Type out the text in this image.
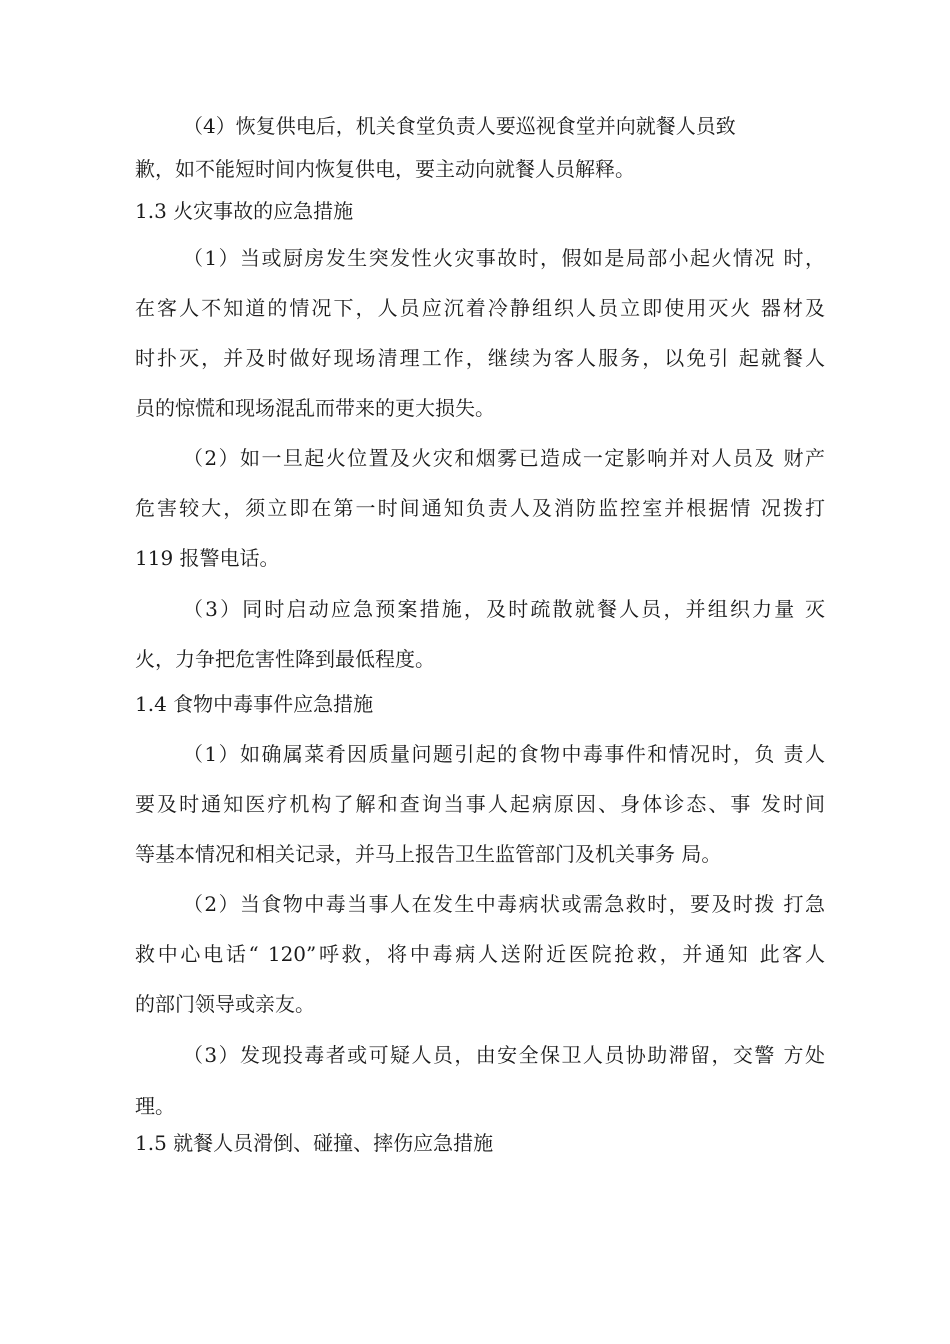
（4）恢复供电后，机关食堂负责人要巡视食堂并向就餐人员致
歉，如不能短时间内恢复供电，要主动向就餐人员解释。
1.3 火灾事故的应急措施
（1）当或厨房发生突发性火灾事故时，假如是局部小起火情况 时，
在客人不知道的情况下，人员应沉着冷静组织人员立即使用灭火 器材及
时扑灭，并及时做好现场清理工作，继续为客人服务，以免引 起就餐人
员的惊慌和现场混乱而带来的更大损失。
（2）如一旦起火位置及火灾和烟雾已造成一定影响并对人员及 财产
危害较大，须立即在第一时间通知负责人及消防监控室并根据情 况拨打
119 报警电话。
（3）同时启动应急预案措施，及时疏散就餐人员，并组织力量 灭
火，力争把危害性降到最低程度。
1.4 食物中毒事件应急措施
（1）如确属菜肴因质量问题引起的食物中毒事件和情况时，负 责人
要及时通知医疗机构了解和查询当事人起病原因、身体诊态、事 发时间
等基本情况和相关记录，并马上报告卫生监管部门及机关事务 局。
（2）当食物中毒当事人在发生中毒病状或需急救时，要及时拨 打急
救中心电话“ 120”呼救，将中毒病人送附近医院抢救，并通知 此客人
的部门领导或亲友。
（3）发现投毒者或可疑人员，由安全保卫人员协助滞留，交警 方处
理。
1.5 就餐人员滑倒、碰撞、摔伤应急措施
